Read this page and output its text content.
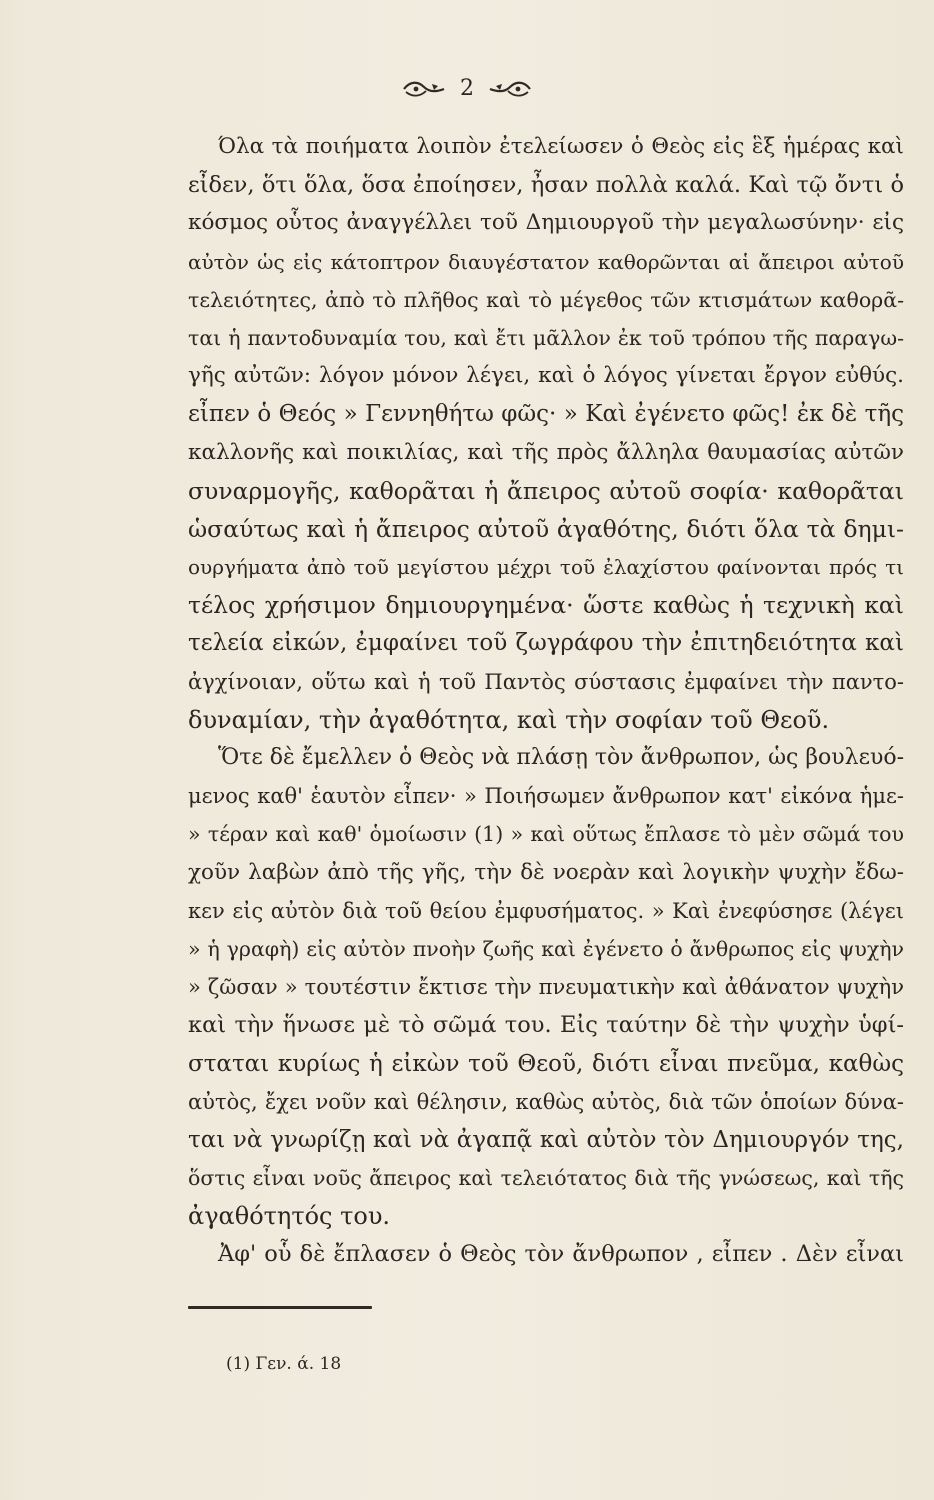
2
Όλα τὰ ποιήματα λοιπὸν ἐτελείωσεν ὁ Θεὸς εἰς ἓξ ἡμέρας καὶ
εἶδεν, ὅτι ὅλα, ὅσα ἐποίησεν, ἦσαν πολλὰ καλά. Καὶ τῷ ὄντι ὁ
κόσμος οὗτος ἀναγγέλλει τοῦ Δημιουργοῦ τὴν μεγαλωσύνην· εἰς
αὐτὸν ὡς εἰς κάτοπτρον διαυγέστατον καθορῶνται αἱ ἄπειροι αὐτοῦ
τελειότητες, ἀπὸ τὸ πλῆθος καὶ τὸ μέγεθος τῶν κτισμάτων καθορᾶ-
ται ἡ παντοδυναμία του, καὶ ἔτι μᾶλλον ἐκ τοῦ τρόπου τῆς παραγω-
γῆς αὐτῶν: λόγον μόνον λέγει, καὶ ὁ λόγος γίνεται ἔργον εὐθύς.
εἶπεν ὁ Θεός » Γεννηθήτω φῶς· » Καὶ ἐγένετο φῶς! ἐκ δὲ τῆς
καλλονῆς καὶ ποικιλίας, καὶ τῆς πρὸς ἄλληλα θαυμασίας αὐτῶν
συναρμογῆς, καθορᾶται ἡ ἄπειρος αὐτοῦ σοφία· καθορᾶται
ὡσαύτως καὶ ἡ ἄπειρος αὐτοῦ ἀγαθότης, διότι ὅλα τὰ δημι-
ουργήματα ἀπὸ τοῦ μεγίστου μέχρι τοῦ ἐλαχίστου φαίνονται πρός τι
τέλος χρήσιμον δημιουργημένα· ὥστε καθὼς ἡ τεχνικὴ καὶ
τελεία εἰκών, ἐμφαίνει τοῦ ζωγράφου τὴν ἐπιτηδειότητα καὶ
ἀγχίνοιαν, οὕτω καὶ ἡ τοῦ Παντὸς σύστασις ἐμφαίνει τὴν παντο-
δυναμίαν, τὴν ἀγαθότητα, καὶ τὴν σοφίαν τοῦ Θεοῦ.
Ὅτε δὲ ἔμελλεν ὁ Θεὸς νὰ πλάσῃ τὸν ἄνθρωπον, ὡς βουλευό-
μενος καθ' ἑαυτὸν εἶπεν· » Ποιήσωμεν ἄνθρωπον κατ' εἰκόνα ἡμε-
» τέραν καὶ καθ' ὁμοίωσιν (1) » καὶ οὕτως ἔπλασε τὸ μὲν σῶμά του
χοῦν λαβὼν ἀπὸ τῆς γῆς, τὴν δὲ νοερὰν καὶ λογικὴν ψυχὴν ἔδω-
κεν εἰς αὐτὸν διὰ τοῦ θείου ἐμφυσήματος. » Καὶ ἐνεφύσησε (λέγει
» ἡ γραφὴ) εἰς αὐτὸν πνοὴν ζωῆς καὶ ἐγένετο ὁ ἄνθρωπος εἰς ψυχὴν
» ζῶσαν » τουτέστιν ἔκτισε τὴν πνευματικὴν καὶ ἀθάνατον ψυχὴν
καὶ τὴν ἥνωσε μὲ τὸ σῶμά του. Εἰς ταύτην δὲ τὴν ψυχὴν ὑφί-
σταται κυρίως ἡ εἰκὼν τοῦ Θεοῦ, διότι εἶναι πνεῦμα, καθὼς
αὐτὸς, ἔχει νοῦν καὶ θέλησιν, καθὼς αὐτὸς, διὰ τῶν ὁποίων δύνα-
ται νὰ γνωρίζῃ καὶ νὰ ἀγαπᾷ καὶ αὐτὸν τὸν Δημιουργόν της,
ὅστις εἶναι νοῦς ἄπειρος καὶ τελειότατος διὰ τῆς γνώσεως, καὶ τῆς
ἀγαθότητός του.
Ἀφ' οὗ δὲ ἔπλασεν ὁ Θεὸς τὸν ἄνθρωπον , εἶπεν . Δὲν εἶναι
(1) Γεν. ά. 18
